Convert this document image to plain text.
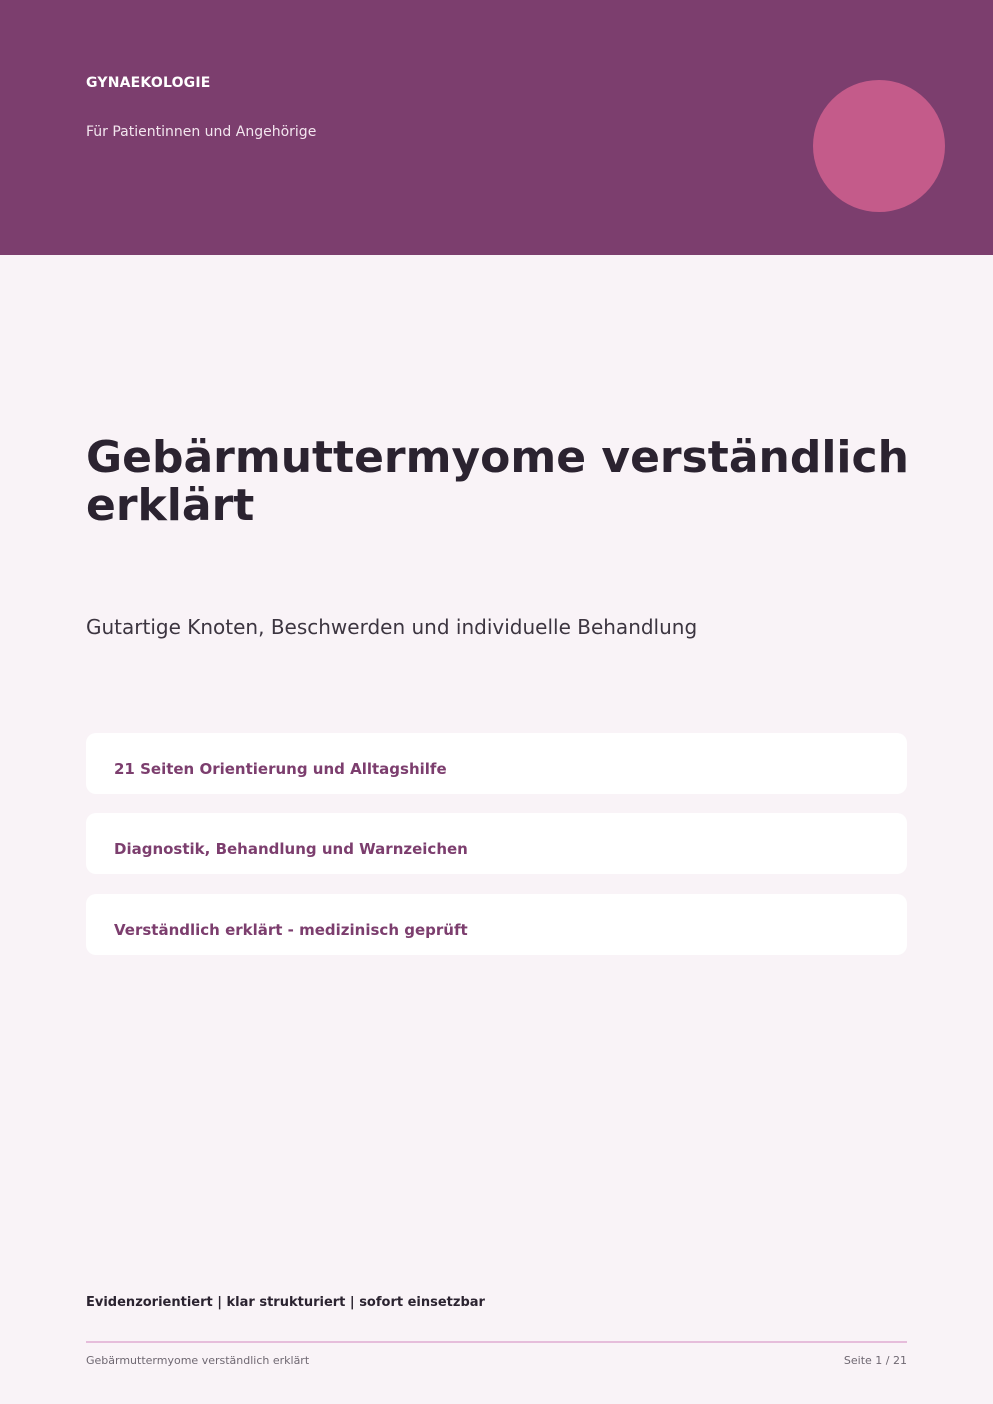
GYNAEKOLOGIE
Für Patientinnen und Angehörige
Gebärmuttermyome verständlich erklärt

Gutartige Knoten, Beschwerden und individuelle Behandlung

21 Seiten Orientierung und Alltagshilfe
Diagnostik, Behandlung und Warnzeichen
Verständlich erklärt - medizinisch geprüft
Evidenzorientiert | klar strukturiert | sofort einsetzbar
Gebärmuttermyome verständlich erklärt	Seite 1 / 21
